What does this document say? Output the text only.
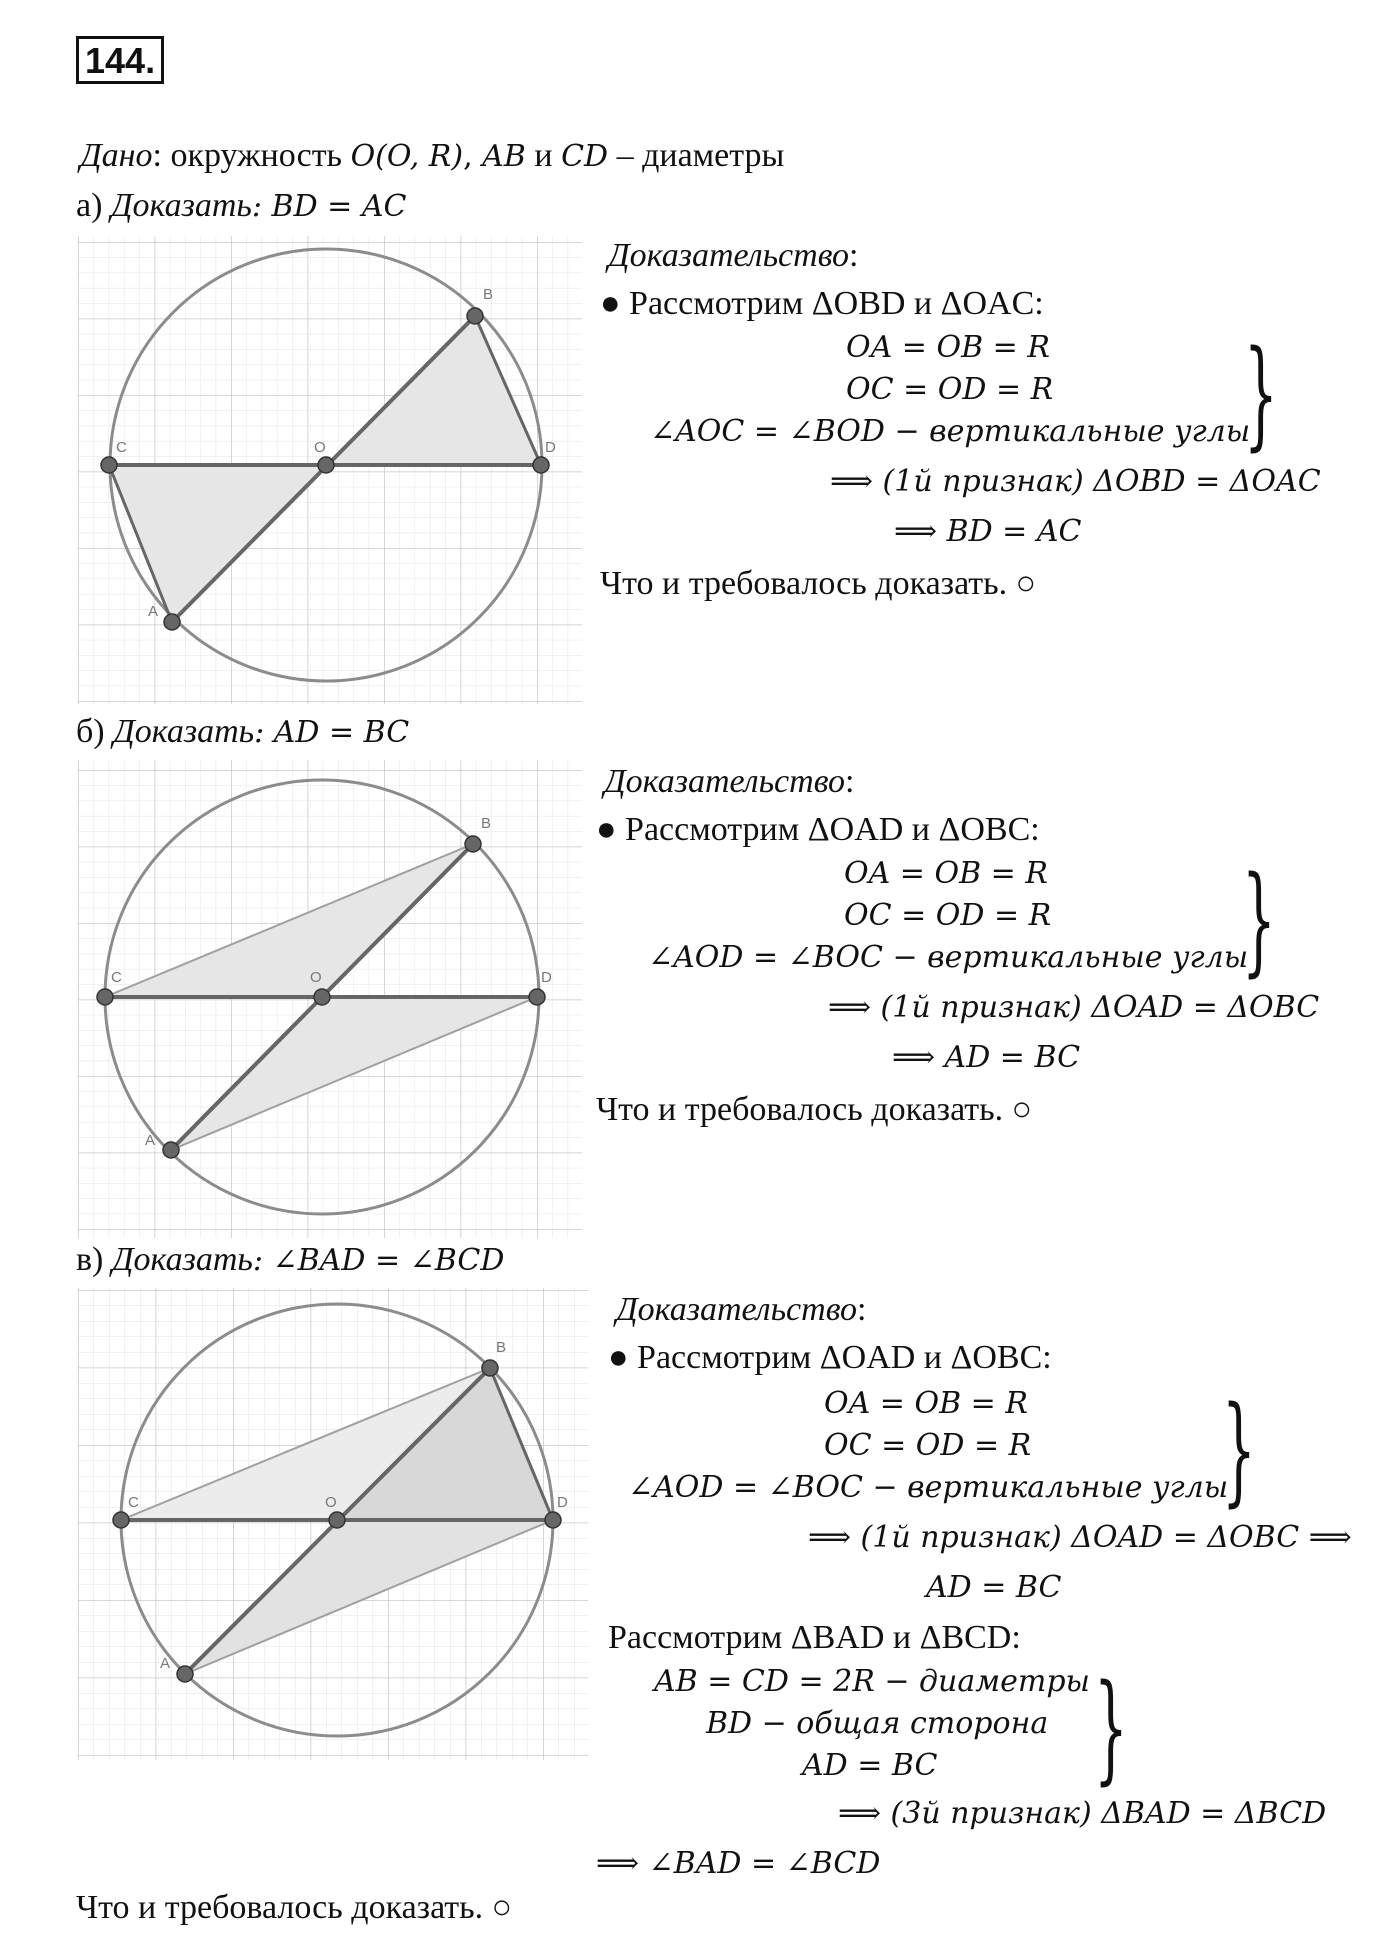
144.
Дано: окружность O(O, R), AB и CD – диаметры
а) Доказать: BD = AC
B
D
C	O
A
Доказательство:
● Рассмотрим ΔOBD и ΔOAC:
OA = OB = R
OC = OD = R
∠AOC = ∠BOD − вертикальные углы
}
⟹ (1й признак) ΔOBD = ΔOAC
⟹ BD = AC
Что и требовалось доказать. ○
б) Доказать: AD = BC
B
D
C	O
A
Доказательство:
● Рассмотрим ΔOAD и ΔOBC:
OA = OB = R
OC = OD = R
∠AOD = ∠BOC − вертикальные углы
}
⟹ (1й признак) ΔOAD = ΔOBC
⟹ AD = BC
Что и требовалось доказать. ○
в) Доказать: ∠BAD = ∠BCD
B
D
C	O
A
Доказательство:
● Рассмотрим ΔOAD и ΔOBC:
OA = OB = R
OC = OD = R
∠AOD = ∠BOC − вертикальные углы
}
⟹ (1й признак) ΔOAD = ΔOBC ⟹
AD = BC
Рассмотрим ΔBAD и ΔBCD:
AB = CD = 2R − диаметры
BD − общая сторона
AD = BC }
⟹ (3й признак) ΔBAD = ΔBCD
⟹ ∠BAD = ∠BCD
Что и требовалось доказать. ○
